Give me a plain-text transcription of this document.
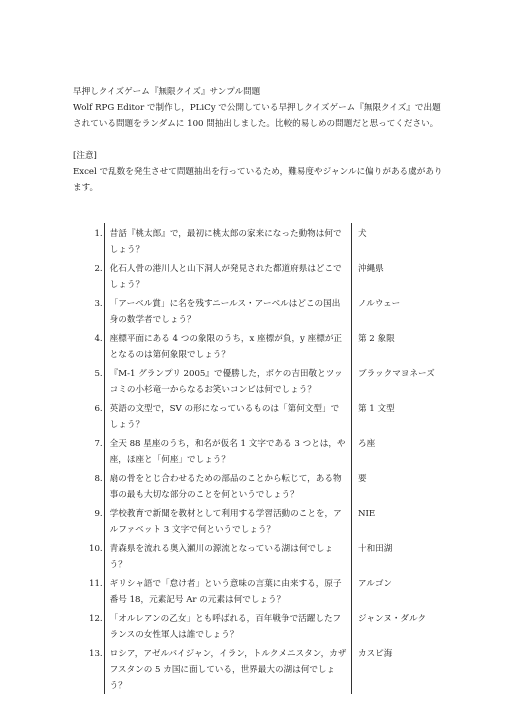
早押しクイズゲーム『無限クイズ』サンプル問題

Wolf RPG Editor で制作し，PLiCy で公開している早押しクイズゲーム『無限クイズ』で出題されている問題をランダムに 100 問抽出しました。比較的易しめの問題だと思ってください。

[注意]

Excel で乱数を発生させて問題抽出を行っているため，難易度やジャンルに偏りがある虞があります。

1. 昔話『桃太郎』で，最初に桃太郎の家来になった動物は何でしょう？
犬
2. 化石人骨の港川人と山下洞人が発見された都道府県はどこでしょう？
沖縄県
3. 「アーベル賞」に名を残すニールス・アーベルはどこの国出身の数学者でしょう？
ノルウェー
4. 座標平面にある 4 つの象限のうち，x 座標が負，y 座標が正となるのは第何象限でしょう？
第 2 象限
5. 『M-1 グランプリ 2005』で優勝した，ボケの吉田敬とツッコミの小杉竜一からなるお笑いコンビは何でしょう？
ブラックマヨネーズ
6. 英語の文型で，SV の形になっているものは「第何文型」でしょう？
第 1 文型
7. 全天 88 星座のうち，和名が仮名 1 文字である 3 つとは，や座，ほ座と「何座」でしょう？
ろ座
8. 扇の骨をとじ合わせるための部品のことから転じて，ある物事の最も大切な部分のことを何というでしょう？
要
9. 学校教育で新聞を教材として利用する学習活動のことを，アルファベット 3 文字で何というでしょう？
NIE
10. 青森県を流れる奥入瀬川の源流となっている湖は何でしょう？
十和田湖
11. ギリシャ語で「怠け者」という意味の言葉に由来する，原子番号 18，元素記号 Ar の元素は何でしょう？
アルゴン
12. 「オルレアンの乙女」とも呼ばれる，百年戦争で活躍したフランスの女性軍人は誰でしょう？
ジャンヌ・ダルク
13. ロシア，アゼルバイジャン，イラン，トルクメニスタン，カザフスタンの 5 カ国に面している，世界最大の湖は何でしょう？
カスピ海
